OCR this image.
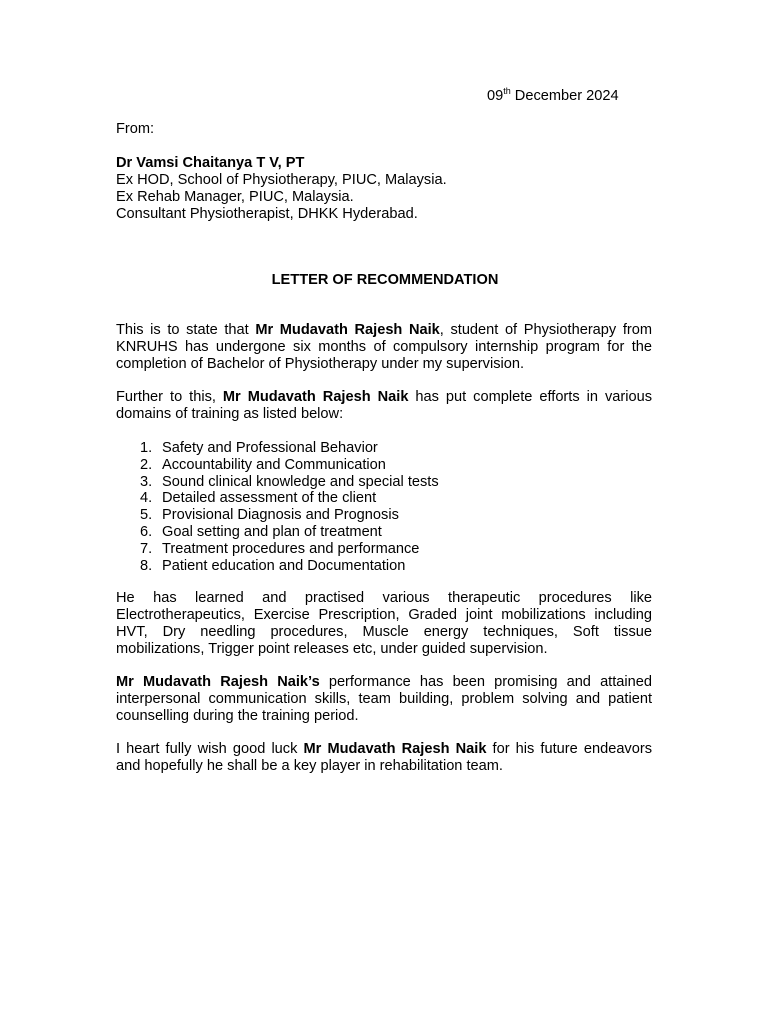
09th December 2024
From:
Dr Vamsi Chaitanya T V, PT
Ex HOD, School of Physiotherapy, PIUC, Malaysia.
Ex Rehab Manager, PIUC, Malaysia.
Consultant Physiotherapist, DHKK Hyderabad.
LETTER OF RECOMMENDATION
This is to state that Mr Mudavath Rajesh Naik, student of Physiotherapy from KNRUHS has undergone six months of compulsory internship program for the completion of Bachelor of Physiotherapy under my supervision.
Further to this, Mr Mudavath Rajesh Naik has put complete efforts in various domains of training as listed below:
1. Safety and Professional Behavior
2. Accountability and Communication
3. Sound clinical knowledge and special tests
4. Detailed assessment of the client
5. Provisional Diagnosis and Prognosis
6. Goal setting and plan of treatment
7. Treatment procedures and performance
8. Patient education and Documentation
He has learned and practised various therapeutic procedures like Electrotherapeutics, Exercise Prescription, Graded joint mobilizations including HVT, Dry needling procedures, Muscle energy techniques, Soft tissue mobilizations, Trigger point releases etc, under guided supervision.
Mr Mudavath Rajesh Naik’s performance has been promising and attained interpersonal communication skills, team building, problem solving and patient counselling during the training period.
I heart fully wish good luck Mr Mudavath Rajesh Naik for his future endeavors and hopefully he shall be a key player in rehabilitation team.
